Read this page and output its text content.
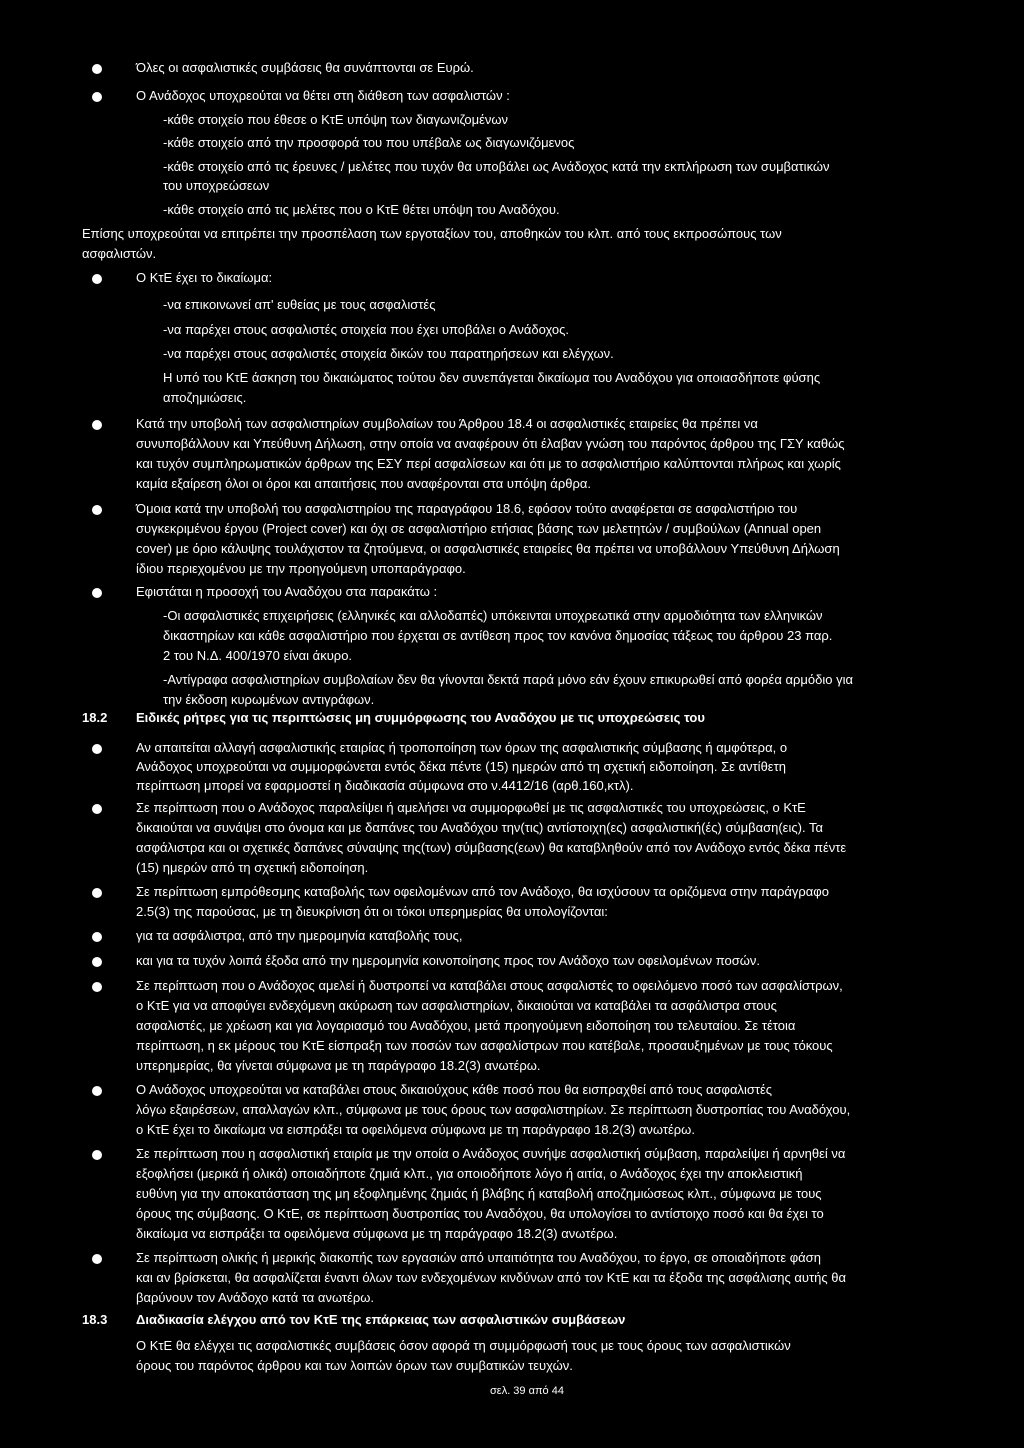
Όλες οι ασφαλιστικές συμβάσεις θα συνάπτονται σε Ευρώ.
Ο Ανάδοχος υποχρεούται να θέτει στη διάθεση των ασφαλιστών :
-κάθε στοιχείο που έθεσε ο ΚτΕ υπόψη των διαγωνιζομένων
-κάθε στοιχείο από την προσφορά του που υπέβαλε ως διαγωνιζόμενος
-κάθε στοιχείο από τις έρευνες / μελέτες που τυχόν θα υποβάλει ως Ανάδοχος κατά την εκπλήρωση των συμβατικών
του υποχρεώσεων
-κάθε στοιχείο από τις μελέτες που ο ΚτΕ θέτει υπόψη του Αναδόχου.
Επίσης υποχρεούται να επιτρέπει την προσπέλαση των εργοταξίων του, αποθηκών του κλπ. από τους εκπροσώπους των
ασφαλιστών.
Ο ΚτΕ έχει το δικαίωμα:
-να επικοινωνεί απ' ευθείας με τους ασφαλιστές
-να παρέχει στους ασφαλιστές στοιχεία που έχει υποβάλει ο Ανάδοχος.
-να παρέχει στους ασφαλιστές στοιχεία δικών του παρατηρήσεων και ελέγχων.
Η υπό του ΚτΕ άσκηση του δικαιώματος τούτου δεν συνεπάγεται δικαίωμα του Αναδόχου για οποιασδήποτε φύσης
αποζημιώσεις.
Κατά την υποβολή των ασφαλιστηρίων συμβολαίων του Άρθρου 18.4 οι ασφαλιστικές εταιρείες θα πρέπει να
συνυποβάλλουν και Υπεύθυνη Δήλωση, στην οποία να αναφέρουν ότι έλαβαν γνώση του παρόντος άρθρου της ΓΣΥ καθώς
και τυχόν συμπληρωματικών άρθρων της ΕΣΥ περί ασφαλίσεων και ότι με το ασφαλιστήριο καλύπτονται πλήρως και χωρίς
καμία εξαίρεση όλοι οι όροι και απαιτήσεις που αναφέρονται στα υπόψη άρθρα.
Όμοια κατά την υποβολή του ασφαλιστηρίου της παραγράφου 18.6, εφόσον τούτο αναφέρεται σε ασφαλιστήριο του
συγκεκριμένου έργου (Project cover) και όχι σε ασφαλιστήριο ετήσιας βάσης των μελετητών / συμβούλων (Annual open
cover) με όριο κάλυψης τουλάχιστον τα ζητούμενα, οι ασφαλιστικές εταιρείες θα πρέπει να υποβάλλουν Υπεύθυνη Δήλωση
ίδιου περιεχομένου με την προηγούμενη υποπαράγραφο.
Εφιστάται η προσοχή του Αναδόχου στα παρακάτω :
-Οι ασφαλιστικές επιχειρήσεις (ελληνικές και αλλοδαπές) υπόκεινται υποχρεωτικά στην αρμοδιότητα των ελληνικών
δικαστηρίων και κάθε ασφαλιστήριο που έρχεται σε αντίθεση προς τον κανόνα δημοσίας τάξεως του άρθρου 23 παρ.
2 του Ν.Δ. 400/1970 είναι άκυρο.
-Αντίγραφα ασφαλιστηρίων συμβολαίων δεν θα γίνονται δεκτά παρά μόνο εάν έχουν επικυρωθεί από φορέα αρμόδιο για
την έκδοση κυρωμένων αντιγράφων.
18.2 Ειδικές ρήτρες για τις περιπτώσεις μη συμμόρφωσης του Αναδόχου με τις υποχρεώσεις του
Αν απαιτείται αλλαγή ασφαλιστικής εταιρίας ή τροποποίηση των όρων της ασφαλιστικής σύμβασης ή αμφότερα, ο
Ανάδοχος υποχρεούται να συμμορφώνεται εντός δέκα πέντε (15) ημερών από τη σχετική ειδοποίηση. Σε αντίθετη
περίπτωση μπορεί να εφαρμοστεί η διαδικασία σύμφωνα στο ν.4412/16 (αρθ.160,κτλ).
Σε περίπτωση που ο Ανάδοχος παραλείψει ή αμελήσει να συμμορφωθεί με τις ασφαλιστικές του υποχρεώσεις, ο ΚτΕ
δικαιούται να συνάψει στο όνομα και με δαπάνες του Αναδόχου την(τις) αντίστοιχη(ες) ασφαλιστική(ές) σύμβαση(εις). Τα
ασφάλιστρα και οι σχετικές δαπάνες σύναψης της(των) σύμβασης(εων) θα καταβληθούν από τον Ανάδοχο εντός δέκα πέντε
(15) ημερών από τη σχετική ειδοποίηση.
Σε περίπτωση εμπρόθεσμης καταβολής των οφειλομένων από τον Ανάδοχο, θα ισχύσουν τα οριζόμενα στην παράγραφο
2.5(3) της παρούσας, με τη διευκρίνιση ότι οι τόκοι υπερημερίας θα υπολογίζονται:
για τα ασφάλιστρα, από την ημερομηνία καταβολής τους,
και για τα τυχόν λοιπά έξοδα από την ημερομηνία κοινοποίησης προς τον Ανάδοχο των οφειλομένων ποσών.
Σε περίπτωση που ο Ανάδοχος αμελεί ή δυστροπεί να καταβάλει στους ασφαλιστές το οφειλόμενο ποσό των ασφαλίστρων,
ο ΚτΕ για να αποφύγει ενδεχόμενη ακύρωση των ασφαλιστηρίων, δικαιούται να καταβάλει τα ασφάλιστρα στους
ασφαλιστές, με χρέωση και για λογαριασμό του Αναδόχου, μετά προηγούμενη ειδοποίηση του τελευταίου. Σε τέτοια
περίπτωση, η εκ μέρους του ΚτΕ είσπραξη των ποσών των ασφαλίστρων που κατέβαλε, προσαυξημένων με τους τόκους
υπερημερίας, θα γίνεται σύμφωνα με τη παράγραφο 18.2(3) ανωτέρω.
Ο Ανάδοχος υποχρεούται να καταβάλει στους δικαιούχους κάθε ποσό που θα εισπραχθεί από τους ασφαλιστές
λόγω εξαιρέσεων, απαλλαγών κλπ., σύμφωνα με τους όρους των ασφαλιστηρίων. Σε περίπτωση δυστροπίας του Αναδόχου,
ο ΚτΕ έχει το δικαίωμα να εισπράξει τα οφειλόμενα σύμφωνα με τη παράγραφο 18.2(3) ανωτέρω.
Σε περίπτωση που η ασφαλιστική εταιρία με την οποία ο Ανάδοχος συνήψε ασφαλιστική σύμβαση, παραλείψει ή αρνηθεί να
εξοφλήσει (μερικά ή ολικά) οποιαδήποτε ζημιά κλπ., για οποιοδήποτε λόγο ή αιτία, ο Ανάδοχος έχει την αποκλειστική
ευθύνη για την αποκατάσταση της μη εξοφλημένης ζημιάς ή βλάβης ή καταβολή αποζημιώσεως κλπ., σύμφωνα με τους
όρους της σύμβασης. Ο ΚτΕ, σε περίπτωση δυστροπίας του Αναδόχου, θα υπολογίσει το αντίστοιχο ποσό και θα έχει το
δικαίωμα να εισπράξει τα οφειλόμενα σύμφωνα με τη παράγραφο 18.2(3) ανωτέρω.
Σε περίπτωση ολικής ή μερικής διακοπής των εργασιών από υπαιτιότητα του Αναδόχου, το έργο, σε οποιαδήποτε φάση
και αν βρίσκεται, θα ασφαλίζεται έναντι όλων των ενδεχομένων κινδύνων από τον ΚτΕ και τα έξοδα της ασφάλισης αυτής θα
βαρύνουν τον Ανάδοχο κατά τα ανωτέρω.
18.3 Διαδικασία ελέγχου από τον ΚτΕ της επάρκειας των ασφαλιστικών συμβάσεων
Ο ΚτΕ θα ελέγχει τις ασφαλιστικές συμβάσεις όσον αφορά τη συμμόρφωσή τους με τους όρους των ασφαλιστικών
όρους του παρόντος άρθρου και των λοιπών όρων των συμβατικών τευχών.
σελ. 39 από 44
